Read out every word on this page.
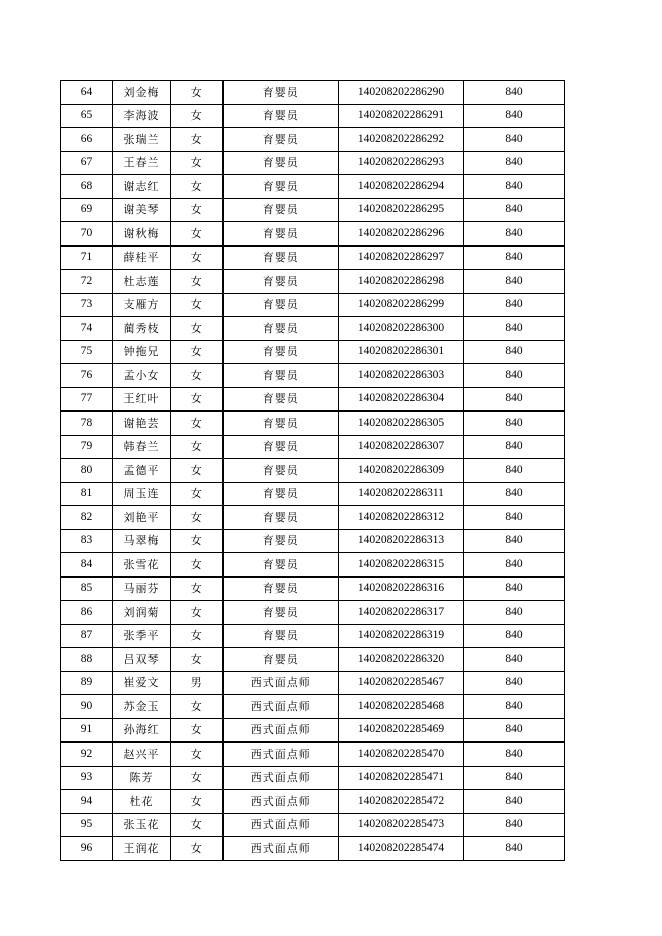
64	刘金梅	女	育婴员	140208202286290	840
65	李海波	女	育婴员	140208202286291	840
66	张瑞兰	女	育婴员	140208202286292	840
67	王春兰	女	育婴员	140208202286293	840
68	谢志红	女	育婴员	140208202286294	840
69	谢美琴	女	育婴员	140208202286295	840
70	谢秋梅	女	育婴员	140208202286296	840
71	薛桂平	女	育婴员	140208202286297	840
72	杜志莲	女	育婴员	140208202286298	840
73	支雁方	女	育婴员	140208202286299	840
74	蔺秀枝	女	育婴员	140208202286300	840
75	钟拖兄	女	育婴员	140208202286301	840
76	孟小女	女	育婴员	140208202286303	840
77	王红叶	女	育婴员	140208202286304	840
78	谢艳芸	女	育婴员	140208202286305	840
79	韩春兰	女	育婴员	140208202286307	840
80	孟德平	女	育婴员	140208202286309	840
81	周玉连	女	育婴员	140208202286311	840
82	刘艳平	女	育婴员	140208202286312	840
83	马翠梅	女	育婴员	140208202286313	840
84	张雪花	女	育婴员	140208202286315	840
85	马丽芬	女	育婴员	140208202286316	840
86	刘润菊	女	育婴员	140208202286317	840
87	张季平	女	育婴员	140208202286319	840
88	吕双琴	女	育婴员	140208202286320	840
89	崔爱文	男	西式面点师	140208202285467	840
90	苏金玉	女	西式面点师	140208202285468	840
91	孙海红	女	西式面点师	140208202285469	840
92	赵兴平	女	西式面点师	140208202285470	840
93	陈芳	女	西式面点师	140208202285471	840
94	杜花	女	西式面点师	140208202285472	840
95	张玉花	女	西式面点师	140208202285473	840
96	王润花	女	西式面点师	140208202285474	840
